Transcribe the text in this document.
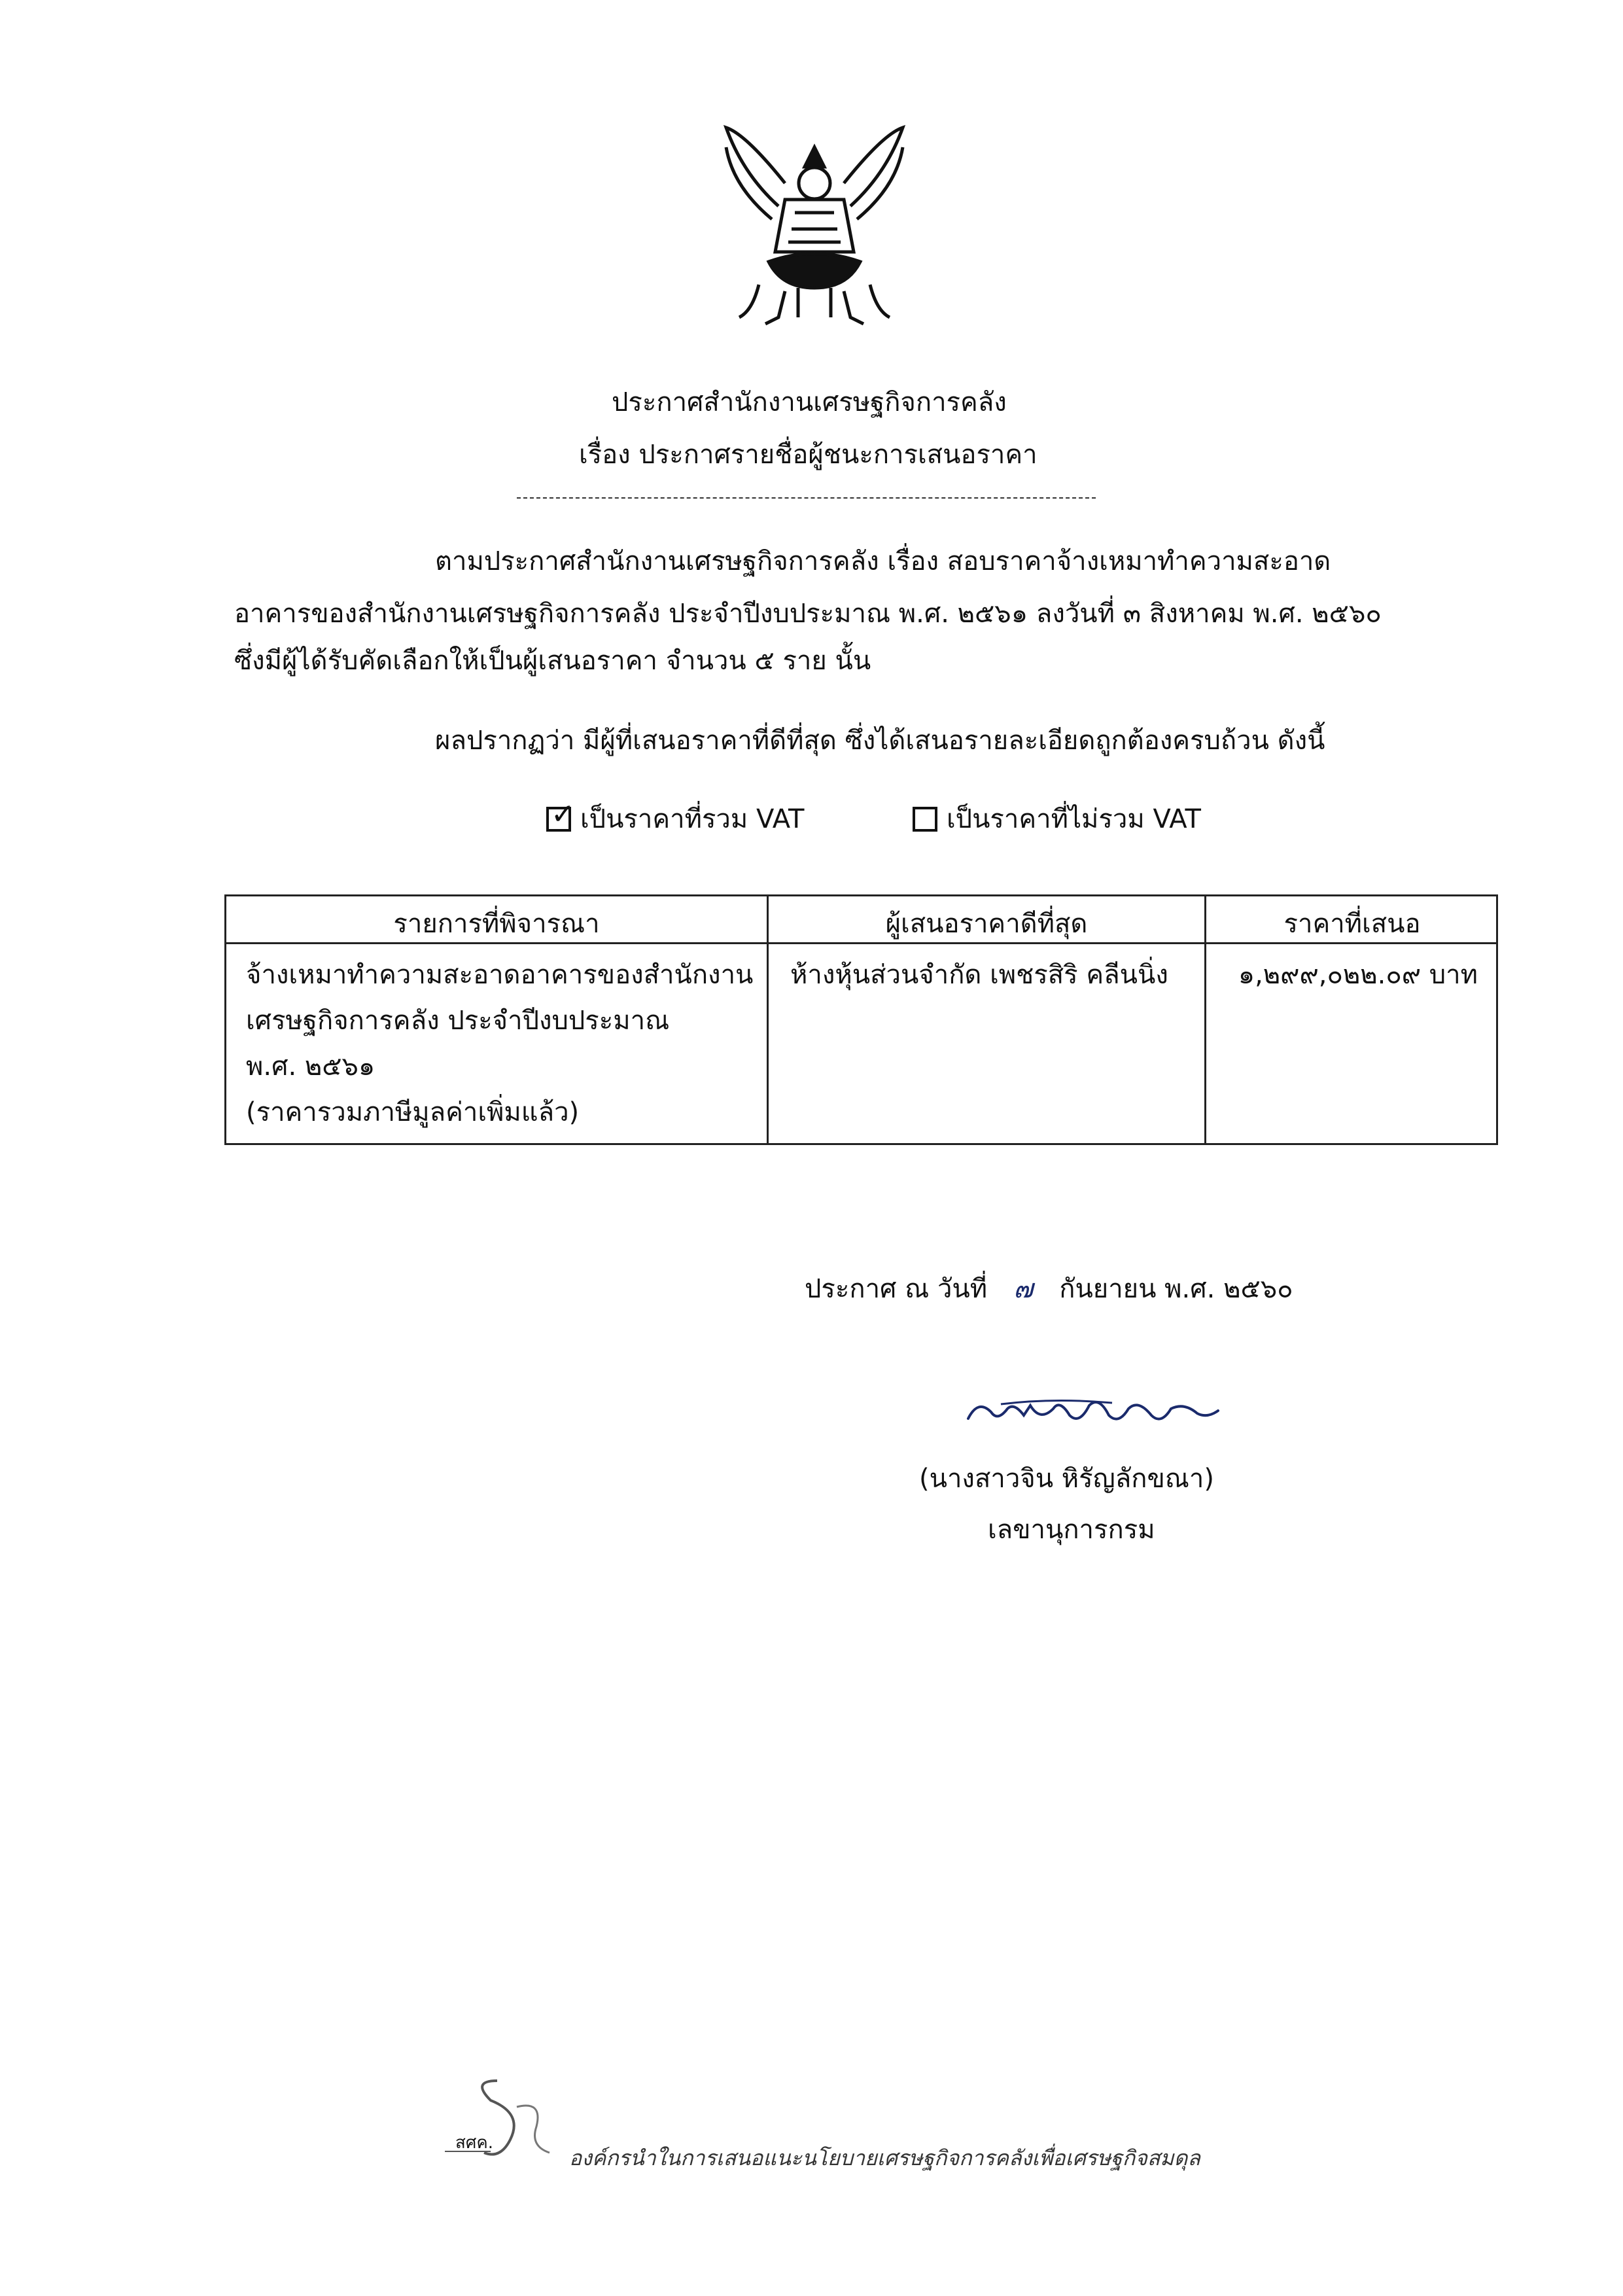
ประกาศสำนักงานเศรษฐกิจการคลัง
เรื่อง ประกาศรายชื่อผู้ชนะการเสนอราคา
ตามประกาศสำนักงานเศรษฐกิจการคลัง เรื่อง สอบราคาจ้างเหมาทำความสะอาด
อาคารของสำนักงานเศรษฐกิจการคลัง ประจำปีงบประมาณ พ.ศ. ๒๕๖๑ ลงวันที่ ๓ สิงหาคม พ.ศ. ๒๕๖๐
ซึ่งมีผู้ได้รับคัดเลือกให้เป็นผู้เสนอราคา จำนวน ๕ ราย นั้น
ผลปรากฏว่า มีผู้ที่เสนอราคาที่ดีที่สุด ซึ่งได้เสนอรายละเอียดถูกต้องครบถ้วน ดังนี้
✓ เป็นราคาที่รวม VAT	เป็นราคาที่ไม่รวม VAT
รายการที่พิจารณา	ผู้เสนอราคาดีที่สุด	ราคาที่เสนอ
จ้างเหมาทำความสะอาดอาคารของสำนักงาน
เศรษฐกิจการคลัง ประจำปีงบประมาณ
พ.ศ. ๒๕๖๑
(ราคารวมภาษีมูลค่าเพิ่มแล้ว)
ห้างหุ้นส่วนจำกัด เพชรสิริ คลีนนิ่ง	๑,๒๙๙,๐๒๒.๐๙ บาท
ประกาศ ณ วันที่ ๗ กันยายน พ.ศ. ๒๕๖๐
(นางสาวจิน หิรัญลักขณา)
เลขานุการกรม
สศค.
องค์กรนำในการเสนอแนะนโยบายเศรษฐกิจการคลังเพื่อเศรษฐกิจสมดุล
